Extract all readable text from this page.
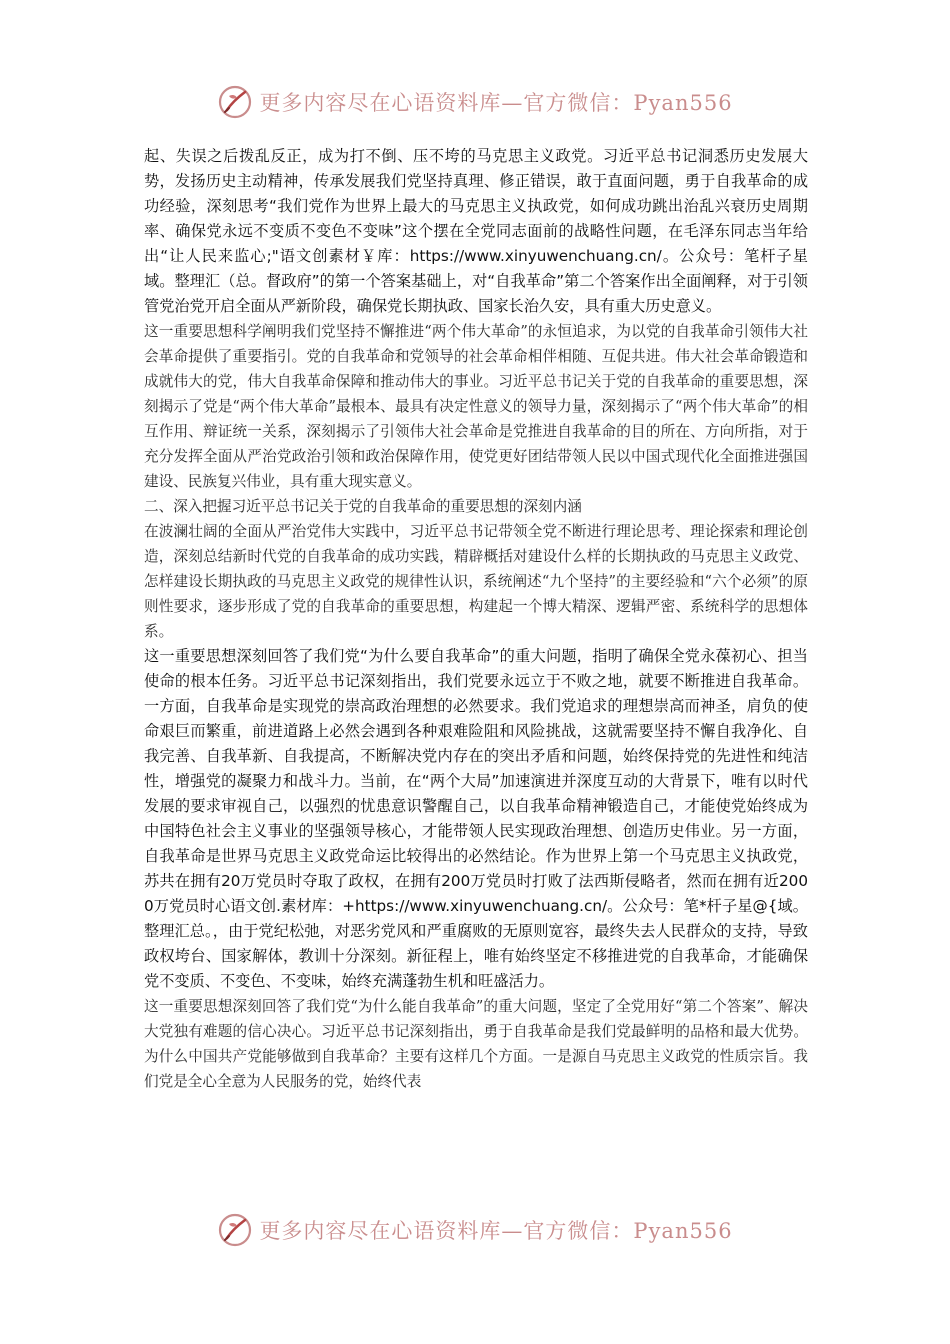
更多内容尽在心语资料库—官方微信：Pyan556

起、失误之后拨乱反正，成为打不倒、压不垮的马克思主义政党。习近平总书记洞悉历史发展大势，发扬历史主动精神，传承发展我们党坚持真理、修正错误，敢于直面问题，勇于自我革命的成功经验，深刻思考“我们党作为世界上最大的马克思主义执政党，如何成功跳出治乱兴衰历史周期率、确保党永远不变质不变色不变味”这个摆在全党同志面前的战略性问题，在毛泽东同志当年给出“让人民来监心;"语文创素材￥库：https://www.xinyuwenchuang.cn/。公众号：笔杆子星域。整理汇（总。督政府”的第一个答案基础上，对“自我革命”第二个答案作出全面阐释，对于引领管党治党开启全面从严新阶段，确保党长期执政、国家长治久安，具有重大历史意义。

这一重要思想科学阐明我们党坚持不懈推进“两个伟大革命”的永恒追求，为以党的自我革命引领伟大社会革命提供了重要指引。党的自我革命和党领导的社会革命相伴相随、互促共进。伟大社会革命锻造和成就伟大的党，伟大自我革命保障和推动伟大的事业。习近平总书记关于党的自我革命的重要思想，深刻揭示了党是“两个伟大革命”最根本、最具有决定性意义的领导力量，深刻揭示了“两个伟大革命”的相互作用、辩证统一关系，深刻揭示了引领伟大社会革命是党推进自我革命的目的所在、方向所指，对于充分发挥全面从严治党政治引领和政治保障作用，使党更好团结带领人民以中国式现代化全面推进强国建设、民族复兴伟业，具有重大现实意义。

二、深入把握习近平总书记关于党的自我革命的重要思想的深刻内涵

在波澜壮阔的全面从严治党伟大实践中，习近平总书记带领全党不断进行理论思考、理论探索和理论创造，深刻总结新时代党的自我革命的成功实践，精辟概括对建设什么样的长期执政的马克思主义政党、怎样建设长期执政的马克思主义政党的规律性认识，系统阐述“九个坚持”的主要经验和“六个必须”的原则性要求，逐步形成了党的自我革命的重要思想，构建起一个博大精深、逻辑严密、系统科学的思想体系。

这一重要思想深刻回答了我们党“为什么要自我革命”的重大问题，指明了确保全党永葆初心、担当使命的根本任务。习近平总书记深刻指出，我们党要永远立于不败之地，就要不断推进自我革命。一方面，自我革命是实现党的崇高政治理想的必然要求。我们党追求的理想崇高而神圣，肩负的使命艰巨而繁重，前进道路上必然会遇到各种艰难险阻和风险挑战，这就需要坚持不懈自我净化、自我完善、自我革新、自我提高，不断解决党内存在的突出矛盾和问题，始终保持党的先进性和纯洁性，增强党的凝聚力和战斗力。当前，在“两个大局”加速演进并深度互动的大背景下，唯有以时代发展的要求审视自己，以强烈的忧患意识警醒自己，以自我革命精神锻造自己，才能使党始终成为中国特色社会主义事业的坚强领导核心，才能带领人民实现政治理想、创造历史伟业。另一方面，自我革命是世界马克思主义政党命运比较得出的必然结论。作为世界上第一个马克思主义执政党，苏共在拥有20万党员时夺取了政权，在拥有200万党员时打败了法西斯侵略者，然而在拥有近2000万党员时心语文创.素材库：+https://www.xinyuwenchuang.cn/。公众号：笔*杆子星@{域。整理汇总。，由于党纪松弛，对恶劣党风和严重腐败的无原则宽容，最终失去人民群众的支持，导致政权垮台、国家解体，教训十分深刻。新征程上，唯有始终坚定不移推进党的自我革命，才能确保党不变质、不变色、不变味，始终充满蓬勃生机和旺盛活力。

这一重要思想深刻回答了我们党“为什么能自我革命”的重大问题，坚定了全党用好“第二个答案”、解决大党独有难题的信心决心。习近平总书记深刻指出，勇于自我革命是我们党最鲜明的品格和最大优势。为什么中国共产党能够做到自我革命？主要有这样几个方面。一是源自马克思主义政党的性质宗旨。我们党是全心全意为人民服务的党，始终代表

更多内容尽在心语资料库—官方微信：Pyan556
